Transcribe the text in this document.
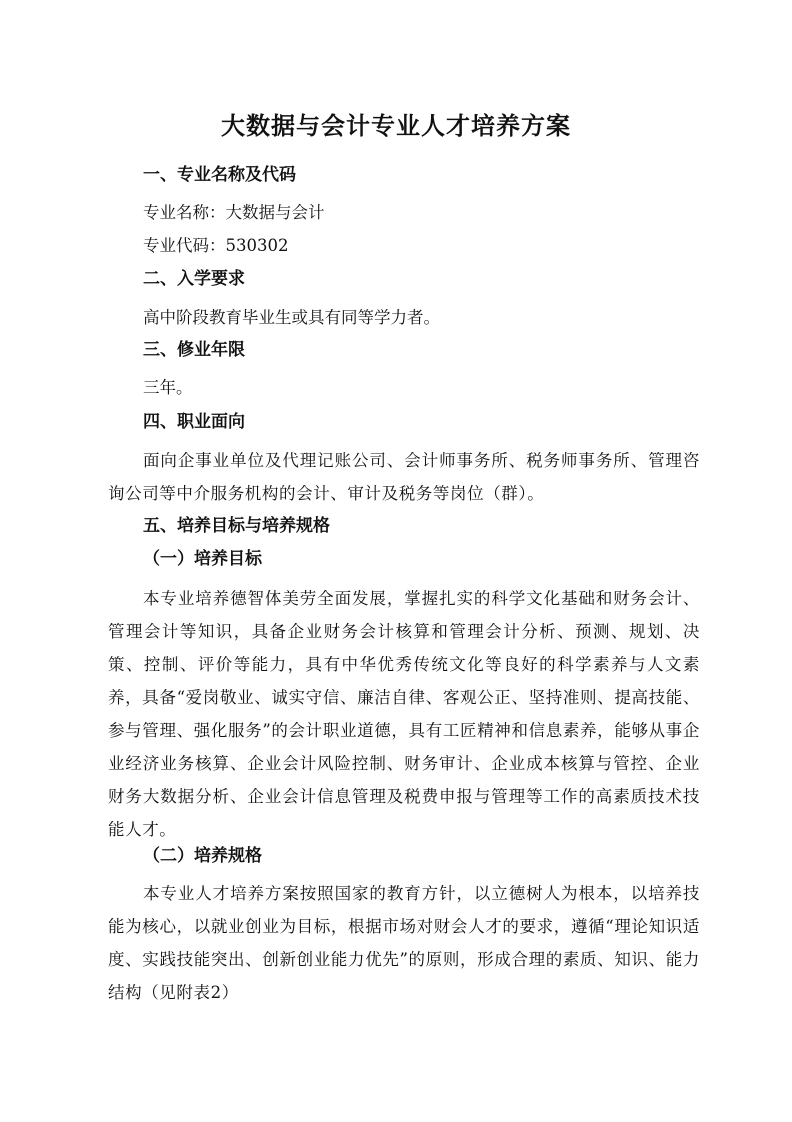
大数据与会计专业人才培养方案
一、专业名称及代码
专业名称：大数据与会计
专业代码：530302
二、入学要求
高中阶段教育毕业生或具有同等学力者。
三、修业年限
三年。
四、职业面向
面向企事业单位及代理记账公司、会计师事务所、税务师事务所、管理咨询公司等中介服务机构的会计、审计及税务等岗位（群）。
五、培养目标与培养规格
（一）培养目标
本专业培养德智体美劳全面发展，掌握扎实的科学文化基础和财务会计、管理会计等知识，具备企业财务会计核算和管理会计分析、预测、规划、决策、控制、评价等能力，具有中华优秀传统文化等良好的科学素养与人文素养，具备“爱岗敬业、诚实守信、廉洁自律、客观公正、坚持准则、提高技能、参与管理、强化服务”的会计职业道德，具有工匠精神和信息素养，能够从事企业经济业务核算、企业会计风险控制、财务审计、企业成本核算与管控、企业财务大数据分析、企业会计信息管理及税费申报与管理等工作的高素质技术技能人才。
（二）培养规格
本专业人才培养方案按照国家的教育方针，以立德树人为根本，以培养技能为核心，以就业创业为目标，根据市场对财会人才的要求，遵循“理论知识适度、实践技能突出、创新创业能力优先”的原则，形成合理的素质、知识、能力结构（见附表2）
